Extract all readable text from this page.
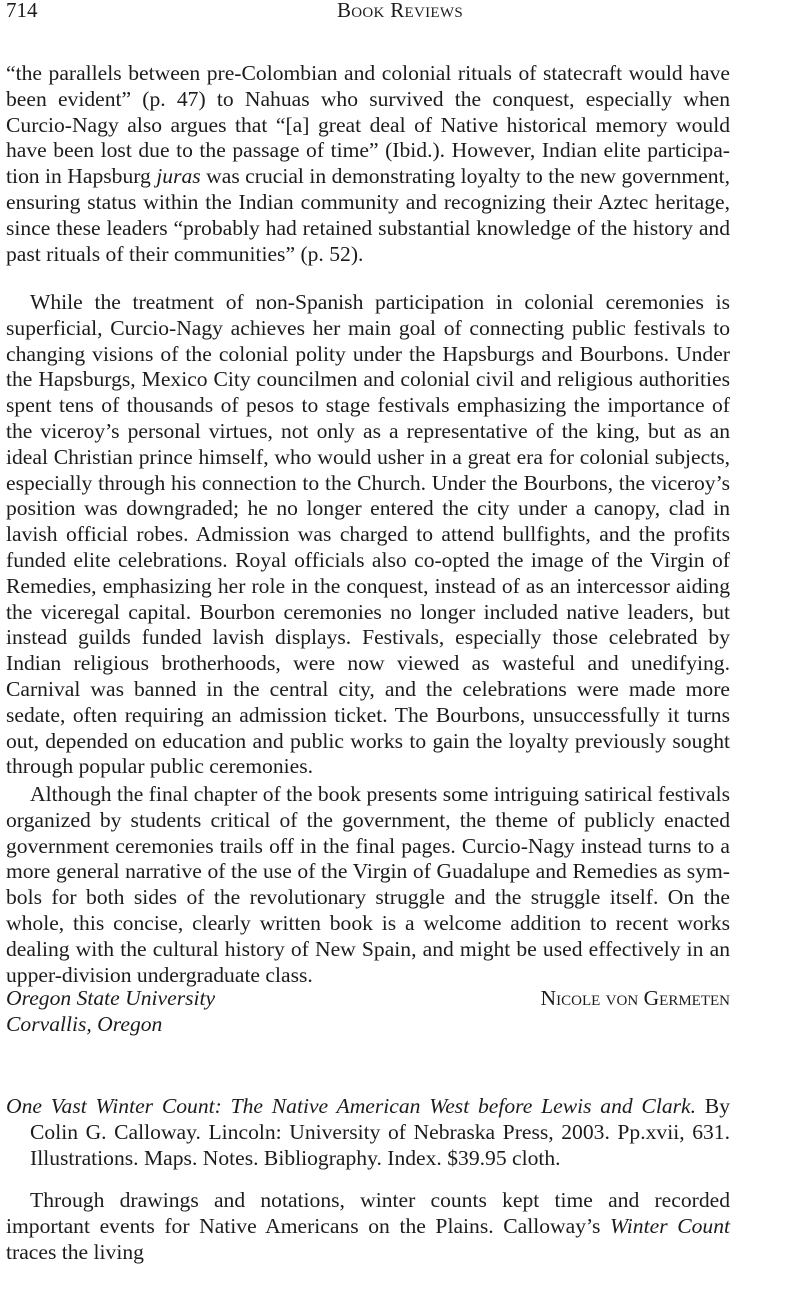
714	Book Reviews

“the parallels between pre-Colombian and colonial rituals of statecraft would have been evident” (p. 47) to Nahuas who survived the conquest, especially when Curcio-Nagy also argues that “[a] great deal of Native historical memory would have been lost due to the passage of time” (Ibid.). However, Indian elite participation in Hapsburg juras was crucial in demonstrating loyalty to the new government, ensuring status within the Indian community and recognizing their Aztec heritage, since these leaders “probably had retained substantial knowledge of the history and past rituals of their communities” (p. 52).

While the treatment of non-Spanish participation in colonial ceremonies is superficial, Curcio-Nagy achieves her main goal of connecting public festivals to changing visions of the colonial polity under the Hapsburgs and Bourbons. Under the Hapsburgs, Mexico City councilmen and colonial civil and religious authorities spent tens of thousands of pesos to stage festivals emphasizing the importance of the viceroy’s personal virtues, not only as a representative of the king, but as an ideal Christian prince himself, who would usher in a great era for colonial subjects, especially through his connection to the Church. Under the Bourbons, the viceroy’s position was downgraded; he no longer entered the city under a canopy, clad in lavish official robes. Admission was charged to attend bullfights, and the profits funded elite celebrations. Royal officials also co-opted the image of the Virgin of Remedies, emphasizing her role in the conquest, instead of as an intercessor aiding the viceregal capital. Bourbon ceremonies no longer included native leaders, but instead guilds funded lavish displays. Festivals, especially those celebrated by Indian religious brotherhoods, were now viewed as wasteful and unedifying. Carnival was banned in the central city, and the celebrations were made more sedate, often requiring an admission ticket. The Bourbons, unsuccessfully it turns out, depended on education and public works to gain the loyalty previously sought through popular public ceremonies.

Although the final chapter of the book presents some intriguing satirical festivals organized by students critical of the government, the theme of publicly enacted government ceremonies trails off in the final pages. Curcio-Nagy instead turns to a more general narrative of the use of the Virgin of Guadalupe and Remedies as symbols for both sides of the revolutionary struggle and the struggle itself. On the whole, this concise, clearly written book is a welcome addition to recent works dealing with the cultural history of New Spain, and might be used effectively in an upper-division undergraduate class.

Oregon State University
Corvallis, Oregon
Nicole von Germeten
One Vast Winter Count: The Native American West before Lewis and Clark. By Colin G. Calloway. Lincoln: University of Nebraska Press, 2003. Pp.xvii, 631. Illustrations. Maps. Notes. Bibliography. Index. $39.95 cloth.

Through drawings and notations, winter counts kept time and recorded important events for Native Americans on the Plains. Calloway’s Winter Count traces the living
